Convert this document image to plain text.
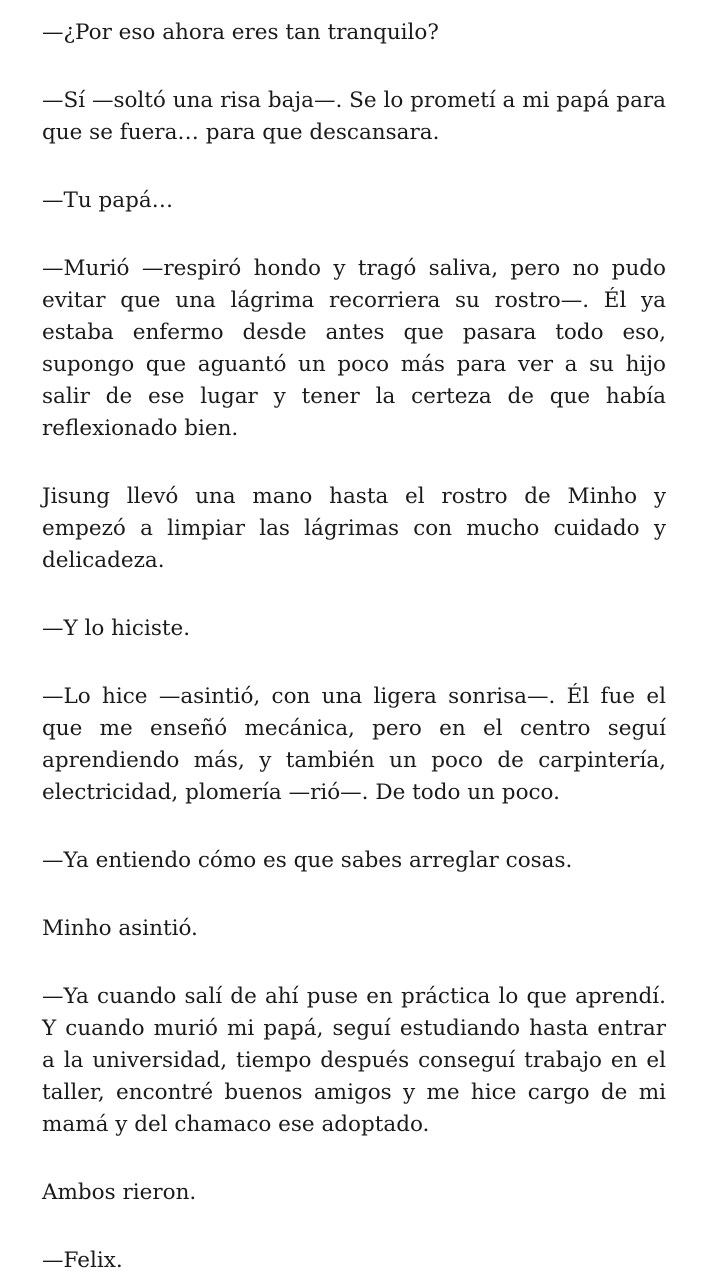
—¿Por eso ahora eres tan tranquilo?

—Sí —soltó una risa baja—. Se lo prometí a mi papá para que se fuera… para que descansara.

—Tu papá…

—Murió —respiró hondo y tragó saliva, pero no pudo evitar que una lágrima recorriera su rostro—. Él ya estaba enfermo desde antes que pasara todo eso, supongo que aguantó un poco más para ver a su hijo salir de ese lugar y tener la certeza de que había reflexionado bien.

Jisung llevó una mano hasta el rostro de Minho y empezó a limpiar las lágrimas con mucho cuidado y delicadeza.

—Y lo hiciste.

—Lo hice —asintió, con una ligera sonrisa—. Él fue el que me enseñó mecánica, pero en el centro seguí aprendiendo más, y también un poco de carpintería, electricidad, plomería —rió—. De todo un poco.

—Ya entiendo cómo es que sabes arreglar cosas.

Minho asintió.

—Ya cuando salí de ahí puse en práctica lo que aprendí. Y cuando murió mi papá, seguí estudiando hasta entrar a la universidad, tiempo después conseguí trabajo en el taller, encontré buenos amigos y me hice cargo de mi mamá y del chamaco ese adoptado.

Ambos rieron.

—Felix.
